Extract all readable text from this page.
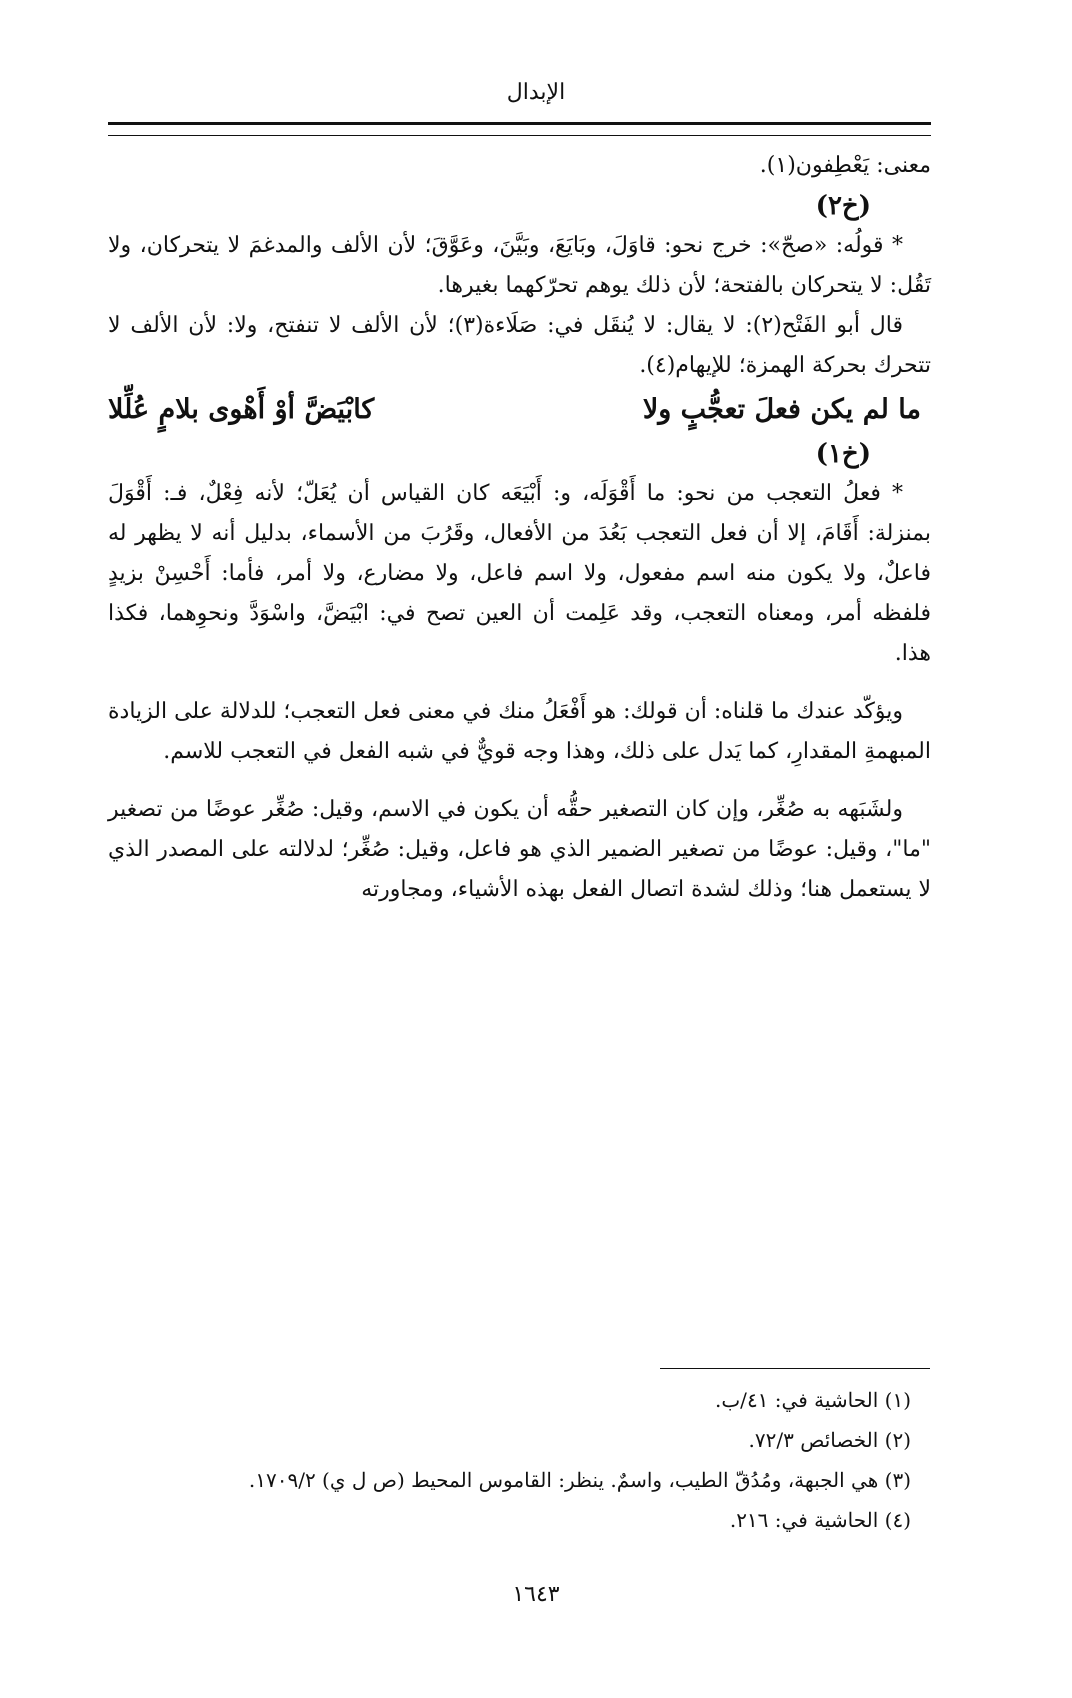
الإبدال

معنى: يَعْطِفون(١).

(خ٢)

* قولُه: «صحّ»: خرج نحو: قاوَلَ، وبَايَعَ، وبَيَّنَ، وعَوَّقَ؛ لأن الألف والمدغمَ لا يتحركان، ولا تَقُل: لا يتحركان بالفتحة؛ لأن ذلك يوهم تحرّكهما بغيرها.

قال أبو الفَتْح(٢): لا يقال: لا يُنقَل في: صَلَاءة(٣)؛ لأن الألف لا تنفتح، ولا: لأن الألف لا تتحرك بحركة الهمزة؛ للإيهام(٤).

ما لم يكن فعلَ تعجُّبٍ ولا
كابْيَضَّ أوْ أَهْوى بلامٍ عُلِّلا

(خ١)

* فعلُ التعجب من نحو: ما أَقْوَلَه، و: أَبْيَعَه كان القياس أن يُعَلّ؛ لأنه فِعْلٌ، فـ: أَقْوَلَ بمنزلة: أَقَامَ، إلا أن فعل التعجب بَعُدَ من الأفعال، وقَرُبَ من الأسماء، بدليل أنه لا يظهر له فاعلٌ، ولا يكون منه اسم مفعول، ولا اسم فاعل، ولا مضارع، ولا أمر، فأما: أَحْسِنْ بزيدٍ فلفظه أمر، ومعناه التعجب، وقد عَلِمت أن العين تصح في: ابْيَضَّ، واسْوَدَّ ونحوِهما، فكذا هذا.

ويؤكّد عندك ما قلناه: أن قولك: هو أَفْعَلُ منك في معنى فعل التعجب؛ للدلالة على الزيادة المبهمةِ المقدارِ، كما يَدل على ذلك، وهذا وجه قويٌّ في شبه الفعل في التعجب للاسم.

ولشَبَهه به صُغِّر، وإن كان التصغير حقُّه أن يكون في الاسم، وقيل: صُغِّر عوضًا من تصغير "ما"، وقيل: عوضًا من تصغير الضمير الذي هو فاعل، وقيل: صُغِّر؛ لدلالته على المصدر الذي لا يستعمل هنا؛ وذلك لشدة اتصال الفعل بهذه الأشياء، ومجاورته

(١) الحاشية في: ٤١/ب.

(٢) الخصائص ٧٢/٣.

(٣) هي الجبهة، ومُدُقّ الطيب، واسمٌ. ينظر: القاموس المحيط (ص ل ي) ١٧٠٩/٢.

(٤) الحاشية في: ٢١٦.

١٦٤٣
